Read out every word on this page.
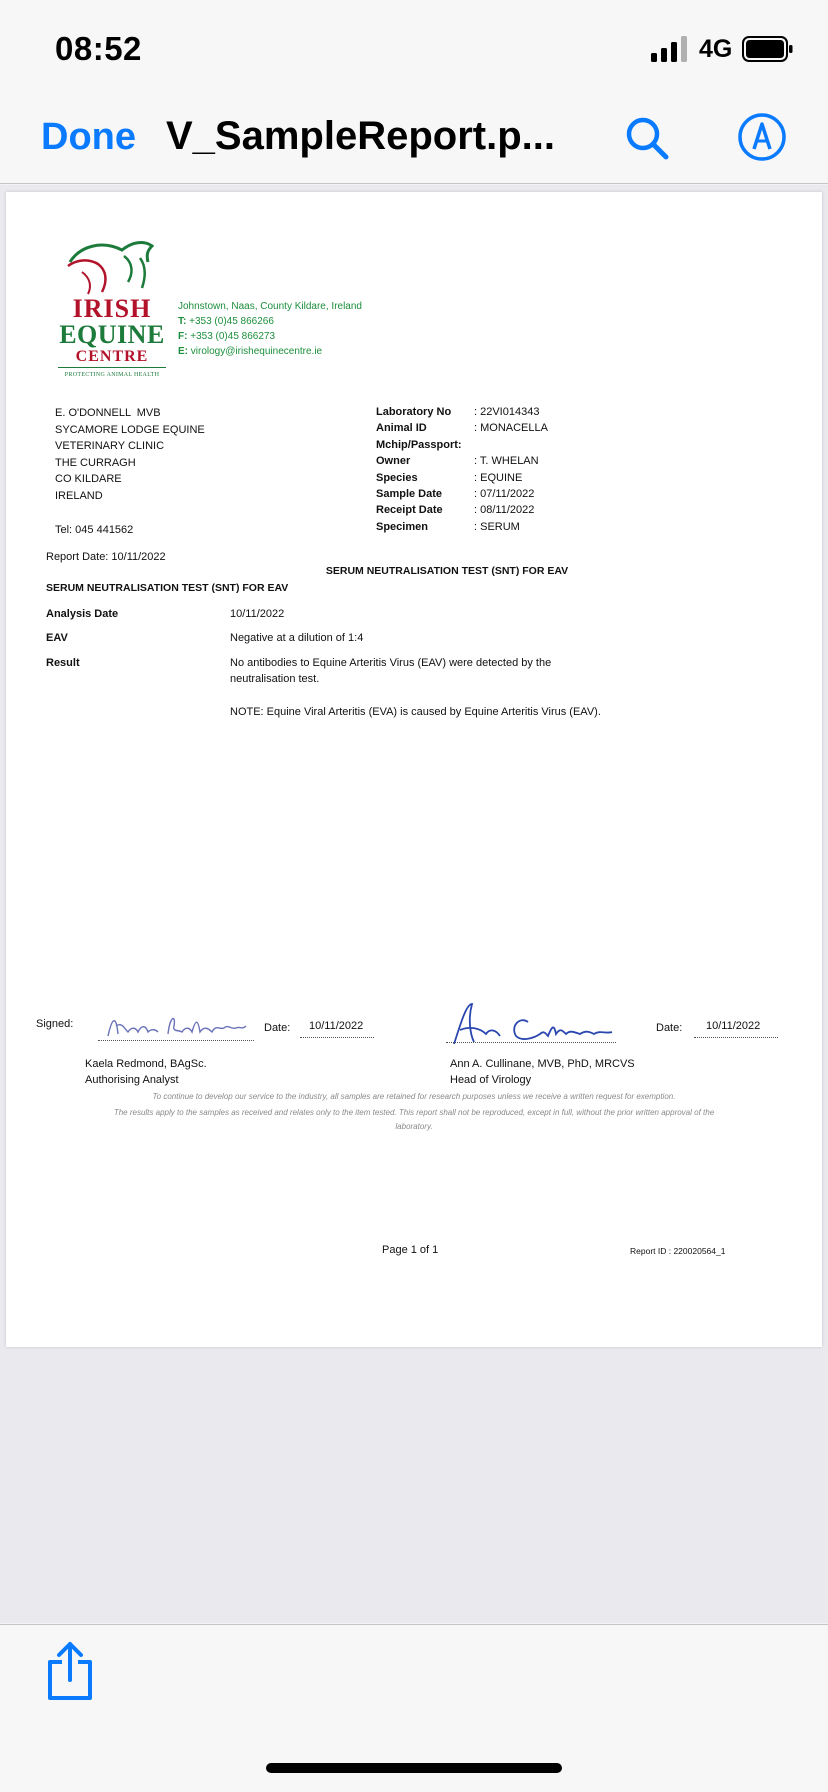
08:52	4G
Done V_SampleReport.p...
IRISH
EQUINE
CENTRE
PROTECTING ANIMAL HEALTH
Johnstown, Naas, County Kildare, Ireland
T: +353 (0)45 866266
F: +353 (0)45 866273
E: virology@irishequinecentre.ie
E. O'DONNELL  MVB
SYCAMORE LODGE EQUINE
VETERINARY CLINIC
THE CURRAGH
CO KILDARE
IRELAND
Tel: 045 441562
Report Date: 10/11/2022
Laboratory No	: 22VI014343
Animal ID	: MONACELLA
Mchip/Passport:
Owner	: T. WHELAN
Species	: EQUINE
Sample Date	: 07/11/2022
Receipt Date	: 08/11/2022
Specimen	: SERUM
SERUM NEUTRALISATION TEST (SNT) FOR EAV
SERUM NEUTRALISATION TEST (SNT) FOR EAV
Analysis Date	10/11/2022
EAV	Negative at a dilution of 1:4
Result	No antibodies to Equine Arteritis Virus (EAV) were detected by the neutralisation test.
NOTE: Equine Viral Arteritis (EVA) is caused by Equine Arteritis Virus (EAV).
Signed:	Date: 10/11/2022
Kaela Redmond, BAgSc.
Authorising Analyst
Date: 10/11/2022
Ann A. Cullinane, MVB, PhD, MRCVS
Head of Virology
To continue to develop our service to the industry, all samples are retained for research purposes unless we receive a written request for exemption.
The results apply to the samples as received and relates only to the item tested. This report shall not be reproduced, except in full, without the prior written approval of the laboratory.
Page 1 of 1	Report ID : 220020564_1
